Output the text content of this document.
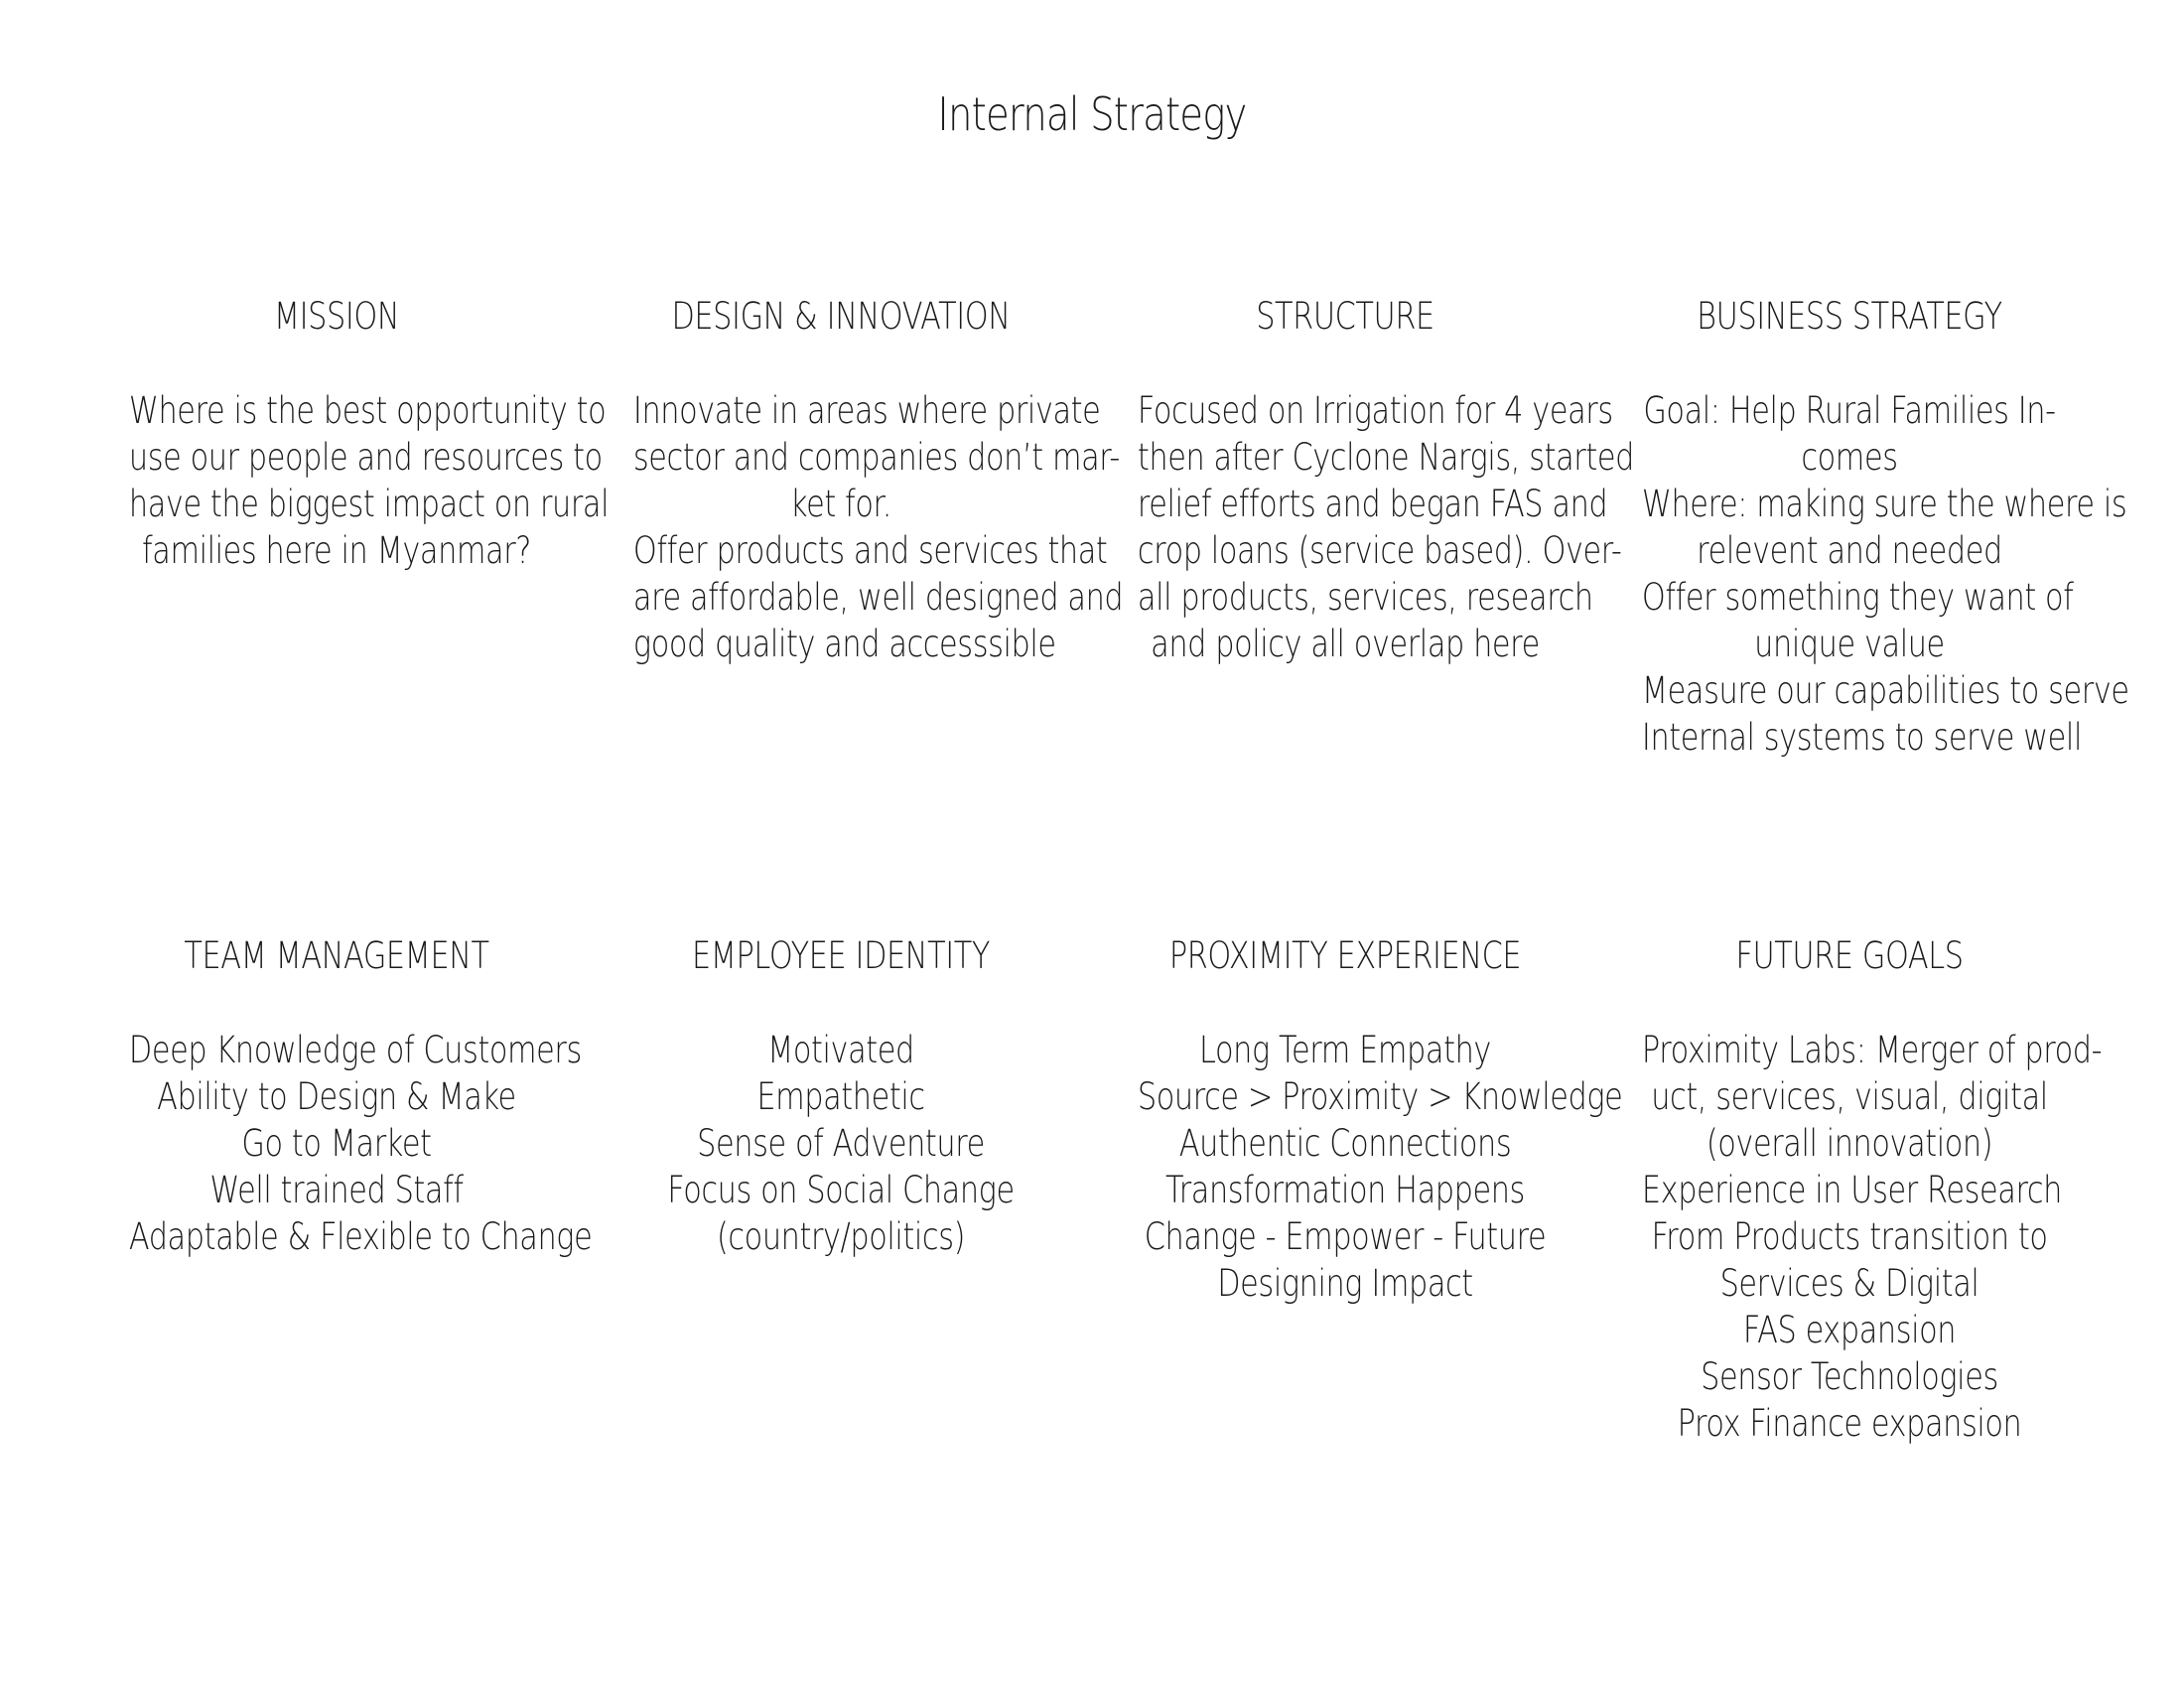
Internal Strategy
MISSION
Where is the best opportunity to
use our people and resources to
have the biggest impact on rural
families here in Myanmar?
DESIGN & INNOVATION
Innovate in areas where private
sector and companies don’t mar-
ket for.
Offer products and services that
are affordable, well designed and
good quality and accesssible
STRUCTURE
Focused on Irrigation for 4 years
then after Cyclone Nargis, started
relief efforts and began FAS and
crop loans (service based). Over-
all products, services, research
and policy all overlap here
BUSINESS STRATEGY
Goal: Help Rural Families In-
comes
Where: making sure the where is
relevent and needed
Offer something they want of
unique value
Measure our capabilities to serve
Internal systems to serve well
TEAM MANAGEMENT
Deep Knowledge of Customers
Ability to Design & Make
Go to Market
Well trained Staff
Adaptable & Flexible to Change
EMPLOYEE IDENTITY
Motivated
Empathetic
Sense of Adventure
Focus on Social Change
(country/politics)
PROXIMITY EXPERIENCE
Long Term Empathy
Source > Proximity > Knowledge
Authentic Connections
Transformation Happens
Change - Empower - Future
Designing Impact
FUTURE GOALS
Proximity Labs: Merger of prod-
uct, services, visual, digital
(overall innovation)
Experience in User Research
From Products transition to
Services & Digital
FAS expansion
Sensor Technologies
Prox Finance expansion
